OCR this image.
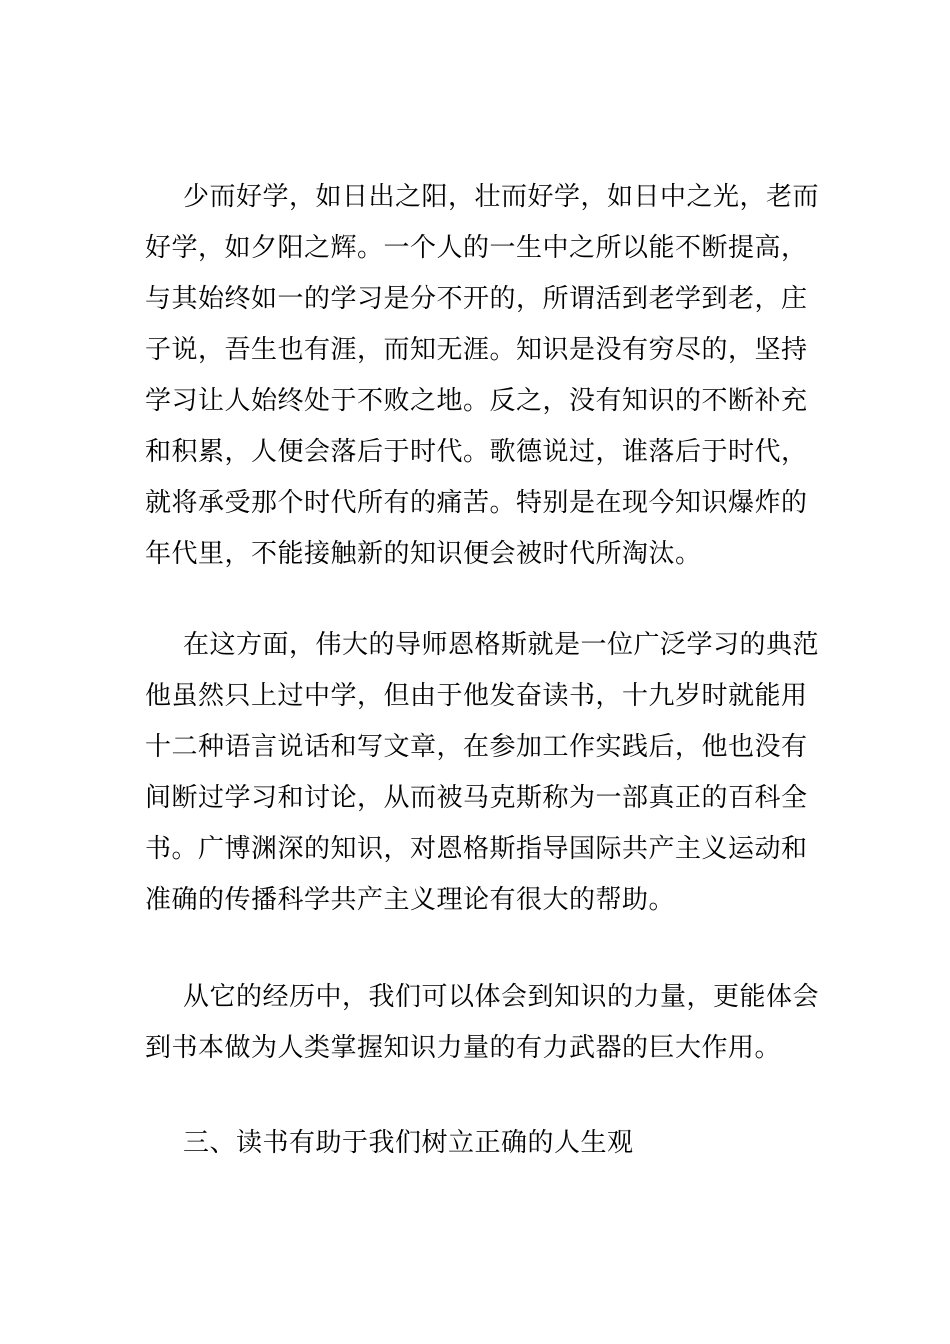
少而好学，如日出之阳，壮而好学，如日中之光，老而
好学，如夕阳之辉。一个人的一生中之所以能不断提高，
与其始终如一的学习是分不开的，所谓活到老学到老，庄
子说，吾生也有涯，而知无涯。知识是没有穷尽的，坚持
学习让人始终处于不败之地。反之，没有知识的不断补充
和积累，人便会落后于时代。歌德说过，谁落后于时代，
就将承受那个时代所有的痛苦。特别是在现今知识爆炸的
年代里，不能接触新的知识便会被时代所淘汰。
在这方面，伟大的导师恩格斯就是一位广泛学习的典范
他虽然只上过中学，但由于他发奋读书，十九岁时就能用
十二种语言说话和写文章，在参加工作实践后，他也没有
间断过学习和讨论，从而被马克斯称为一部真正的百科全
书。广博渊深的知识，对恩格斯指导国际共产主义运动和
准确的传播科学共产主义理论有很大的帮助。
从它的经历中，我们可以体会到知识的力量，更能体会
到书本做为人类掌握知识力量的有力武器的巨大作用。
三、读书有助于我们树立正确的人生观
